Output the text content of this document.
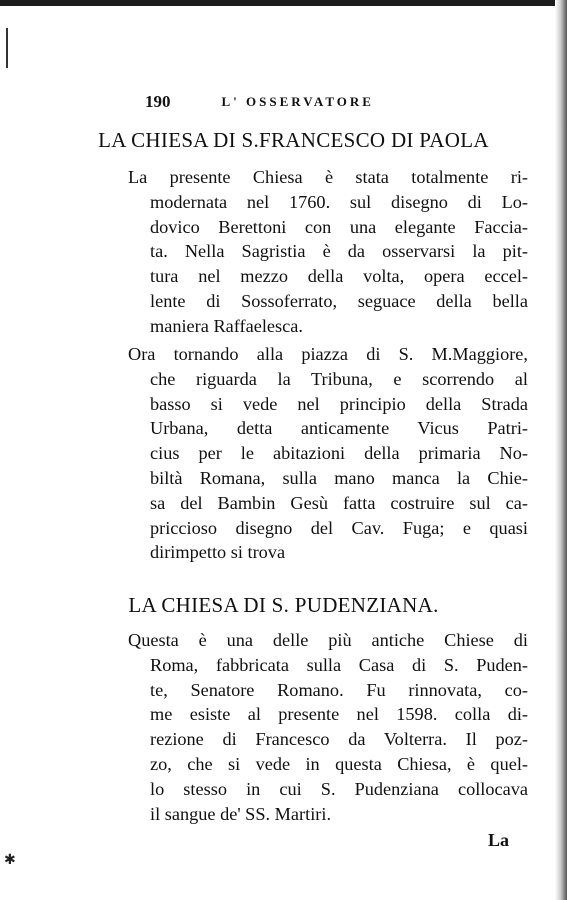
190	L' OSSERVATORE
LA CHIESA DI S.FRANCESCO DI PAOLA
La presente Chiesa è stata totalmente ri-
modernata nel 1760. sul disegno di Lo-
dovico Berettoni con una elegante Facciа-
ta. Nella Sagristia è da osservarsi la pit-
tura nel mezzo della volta, opera eccel-
lente di Sossoferrato, seguace della bella
maniera Raffaelesca.
Ora tornando alla piazza di S. M.Maggiore,
che riguarda la Tribuna, e scorrendo al
basso si vede nel principio della Strada
Urbana, detta anticamente Vicus Patri-
cius per le abitazioni della primaria No-
biltà Romana, sulla mano manca la Chie-
sa del Bambin Gesù fatta costruire sul ca-
priccioso disegno del Cav. Fuga; e quasi
dirimpetto si trova
LA CHIESA DI S. PUDENZIANA.
Questa è una delle più antiche Chiese di
Roma, fabbricata sulla Casa di S. Puden-
te, Senatore Romano. Fu rinnovata, co-
me esiste al presente nel 1598. colla di-
rezione di Francesco da Volterra. Il poz-
zo, che si vede in questa Chiesa, è quel-
lo stesso in cui S. Pudenziana collocava
il sangue de' SS. Martiri.
La
✱
